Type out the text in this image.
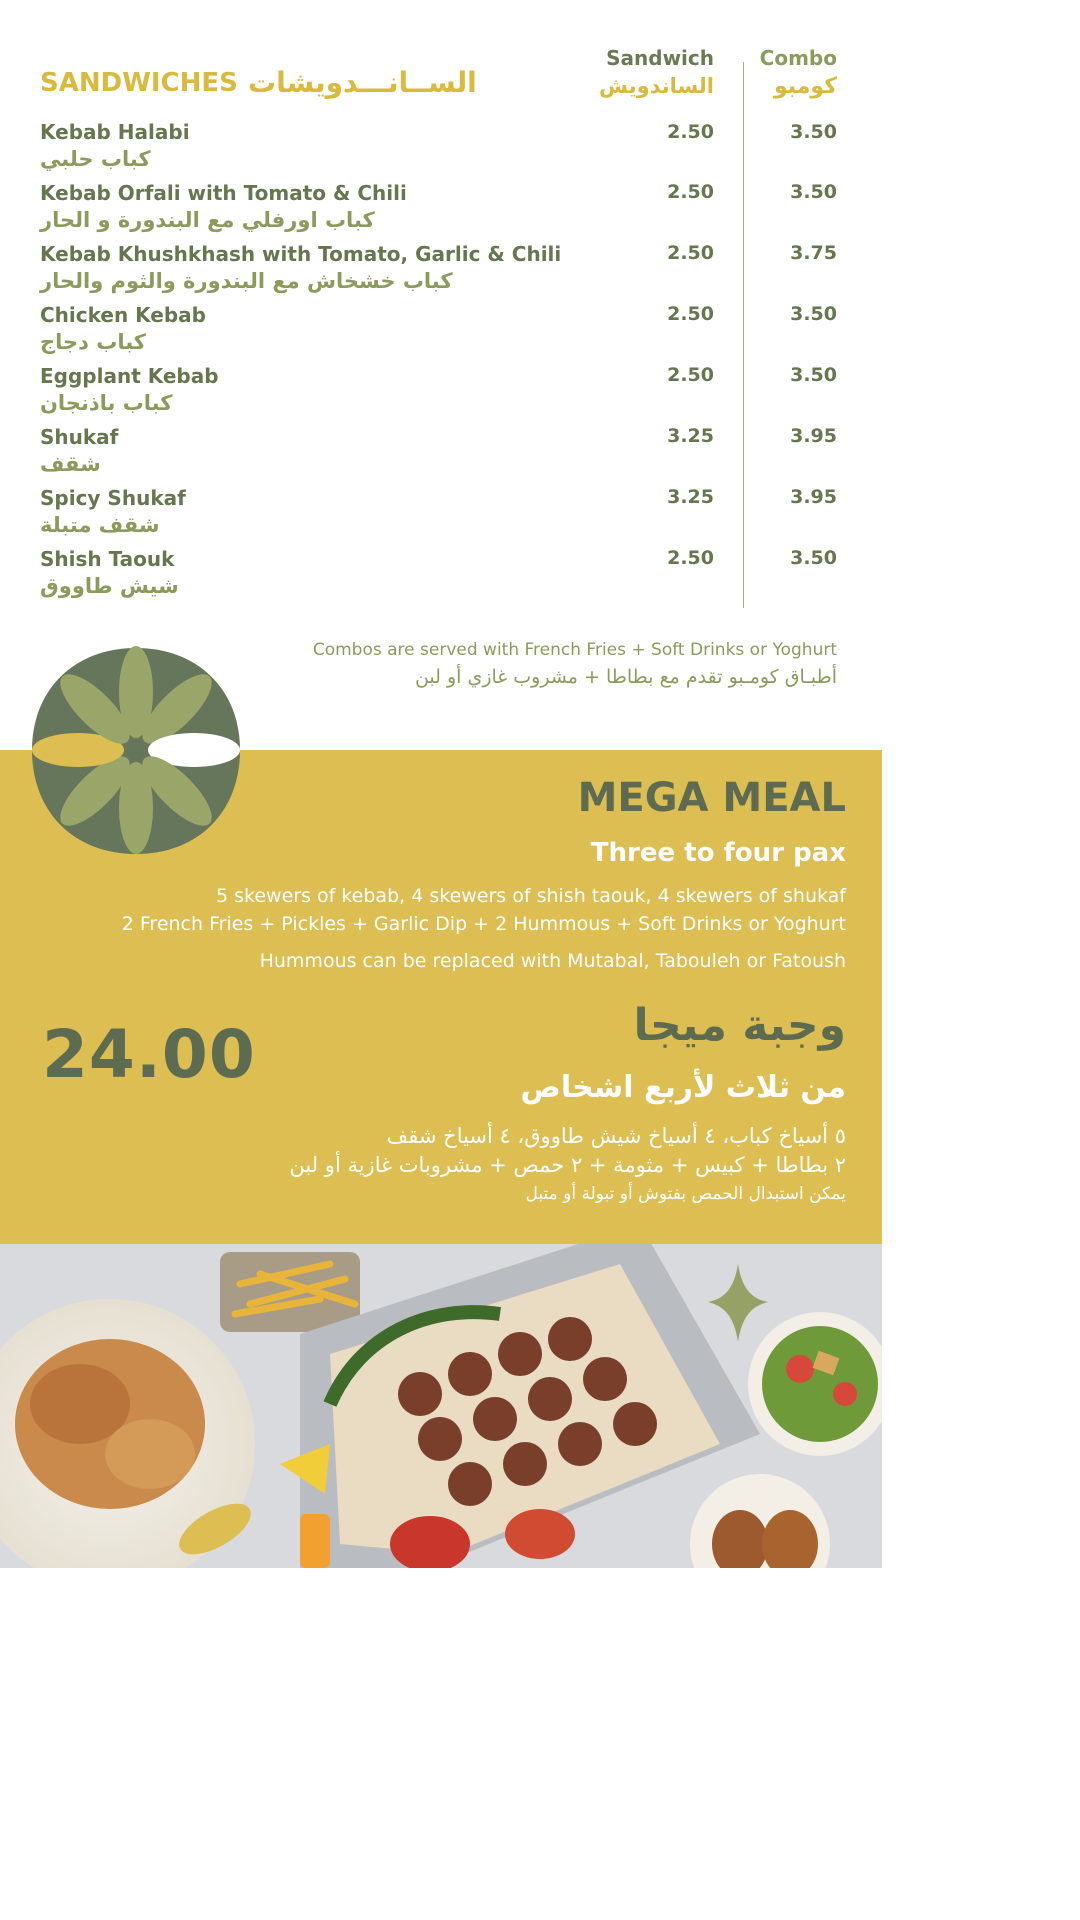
SANDWICHES الســانـــدويشات
Sandwich
الساندويش
Combo
كومبو
Kebab Halabi
كباب حلبي
2.50	3.50
Kebab Orfali with Tomato & Chili
كباب اورفلي مع البندورة و الحار
2.50	3.50
Kebab Khushkhash with Tomato, Garlic & Chili
كباب خشخاش مع البندورة والثوم والحار
2.50	3.75
Chicken Kebab
كباب دجاج
2.50	3.50
Eggplant Kebab
كباب باذنجان
2.50	3.50
Shukaf
شقف
3.25	3.95
Spicy Shukaf
شقف متبلة
3.25	3.95
Shish Taouk
شيش طاووق
2.50	3.50
Combos are served with French Fries + Soft Drinks or Yoghurt
أطبـاق كومـبو تقدم مع بطاطا + مشروب غازي أو لبن
MEGA MEAL
Three to four pax
5 skewers of kebab, 4 skewers of shish taouk, 4 skewers of shukaf
2 French Fries + Pickles + Garlic Dip + 2 Hummous + Soft Drinks or Yoghurt
Hummous can be replaced with Mutabal, Tabouleh or Fatoush
24.00	وجبة ميجا
من ثلاث لأربع اشخاص
٥ أسياخ كباب، ٤ أسياخ شيش طاووق، ٤ أسياخ شقف
٢ بطاطا + كبيس + مثومة + ٢ حمص + مشروبات غازية أو لبن
يمكن استبدال الحمص بفتوش أو تبولة أو متبل
